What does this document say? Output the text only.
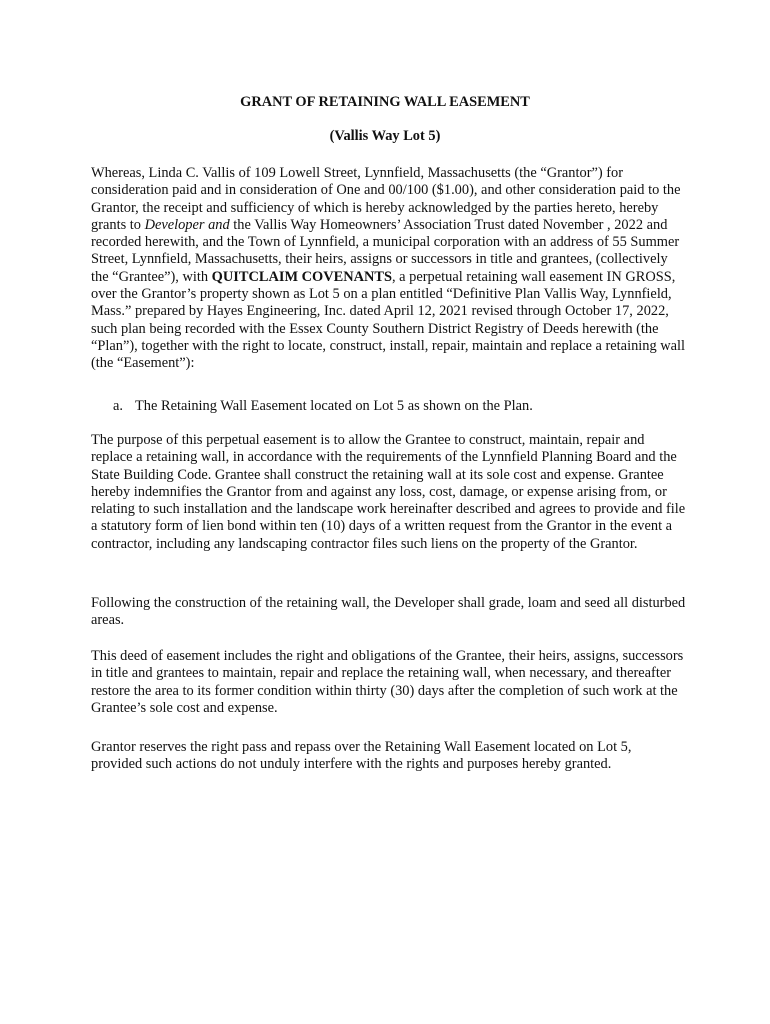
GRANT OF RETAINING WALL EASEMENT

(Vallis Way Lot 5)

Whereas, Linda C. Vallis of 109 Lowell Street, Lynnfield, Massachusetts (the “Grantor”) for consideration paid and in consideration of One and 00/100 ($1.00), and other consideration paid to the Grantor, the receipt and sufficiency of which is hereby acknowledged by the parties hereto, hereby grants to Developer and the Vallis Way Homeowners’ Association Trust dated November , 2022 and recorded herewith, and the Town of Lynnfield, a municipal corporation with an address of 55 Summer Street, Lynnfield, Massachusetts, their heirs, assigns or successors in title and grantees, (collectively the “Grantee”), with QUITCLAIM COVENANTS, a perpetual retaining wall easement IN GROSS, over the Grantor’s property shown as Lot 5 on a plan entitled “Definitive Plan Vallis Way, Lynnfield, Mass.” prepared by Hayes Engineering, Inc. dated April 12, 2021 revised through October 17, 2022, such plan being recorded with the Essex County Southern District Registry of Deeds herewith (the “Plan”), together with the right to locate, construct, install, repair, maintain and replace a retaining wall (the “Easement”):

a. The Retaining Wall Easement located on Lot 5 as shown on the Plan.

The purpose of this perpetual easement is to allow the Grantee to construct, maintain, repair and replace a retaining wall, in accordance with the requirements of the Lynnfield Planning Board and the State Building Code. Grantee shall construct the retaining wall at its sole cost and expense. Grantee hereby indemnifies the Grantor from and against any loss, cost, damage, or expense arising from, or relating to such installation and the landscape work hereinafter described and agrees to provide and file a statutory form of lien bond within ten (10) days of a written request from the Grantor in the event a contractor, including any landscaping contractor files such liens on the property of the Grantor.

Following the construction of the retaining wall, the Developer shall grade, loam and seed all disturbed areas.

This deed of easement includes the right and obligations of the Grantee, their heirs, assigns, successors in title and grantees to maintain, repair and replace the retaining wall, when necessary, and thereafter restore the area to its former condition within thirty (30) days after the completion of such work at the Grantee’s sole cost and expense.

Grantor reserves the right pass and repass over the Retaining Wall Easement located on Lot 5, provided such actions do not unduly interfere with the rights and purposes hereby granted.
